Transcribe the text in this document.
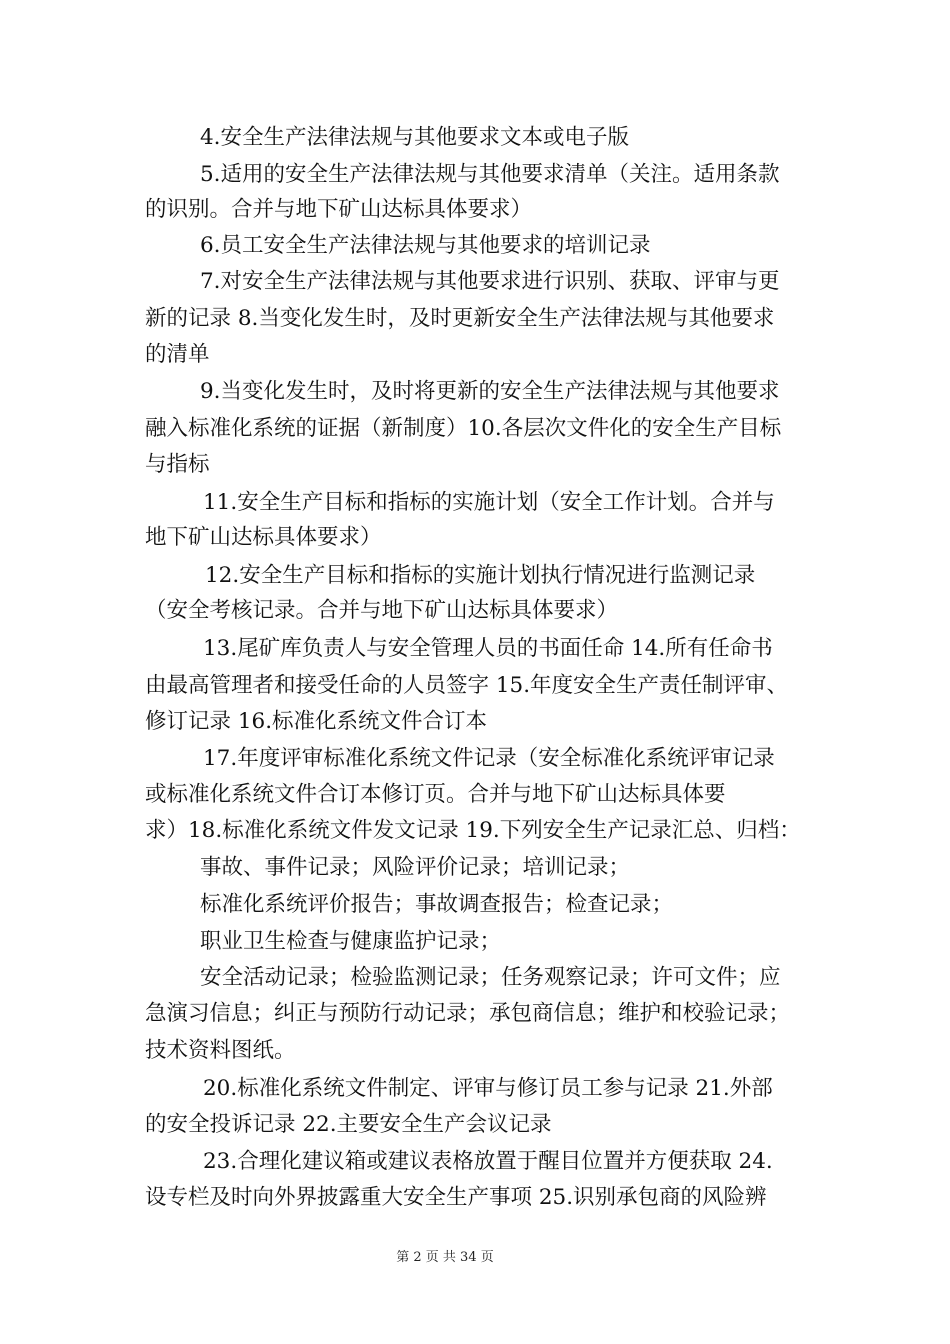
4.安全生产法律法规与其他要求文本或电子版
5.适用的安全生产法律法规与其他要求清单（关注。适用条款
的识别。合并与地下矿山达标具体要求）
6.员工安全生产法律法规与其他要求的培训记录
7.对安全生产法律法规与其他要求进行识别、获取、评审与更
新的记录 8.当变化发生时，及时更新安全生产法律法规与其他要求
的清单
9.当变化发生时，及时将更新的安全生产法律法规与其他要求
融入标准化系统的证据（新制度）10.各层次文件化的安全生产目标
与指标
11.安全生产目标和指标的实施计划（安全工作计划。合并与
地下矿山达标具体要求）
12.安全生产目标和指标的实施计划执行情况进行监测记录
（安全考核记录。合并与地下矿山达标具体要求）
13.尾矿库负责人与安全管理人员的书面任命 14.所有任命书
由最高管理者和接受任命的人员签字 15.年度安全生产责任制评审、
修订记录 16.标准化系统文件合订本
17.年度评审标准化系统文件记录（安全标准化系统评审记录
或标准化系统文件合订本修订页。合并与地下矿山达标具体要
求）18.标准化系统文件发文记录 19.下列安全生产记录汇总、归档：
事故、事件记录；风险评价记录；培训记录；
标准化系统评价报告；事故调查报告；检查记录；
职业卫生检查与健康监护记录；
安全活动记录；检验监测记录；任务观察记录；许可文件；应
急演习信息；纠正与预防行动记录；承包商信息；维护和校验记录；
技术资料图纸。
20.标准化系统文件制定、评审与修订员工参与记录 21.外部
的安全投诉记录 22.主要安全生产会议记录
23.合理化建议箱或建议表格放置于醒目位置并方便获取 24.
设专栏及时向外界披露重大安全生产事项 25.识别承包商的风险辨
第 2 页 共 34 页
